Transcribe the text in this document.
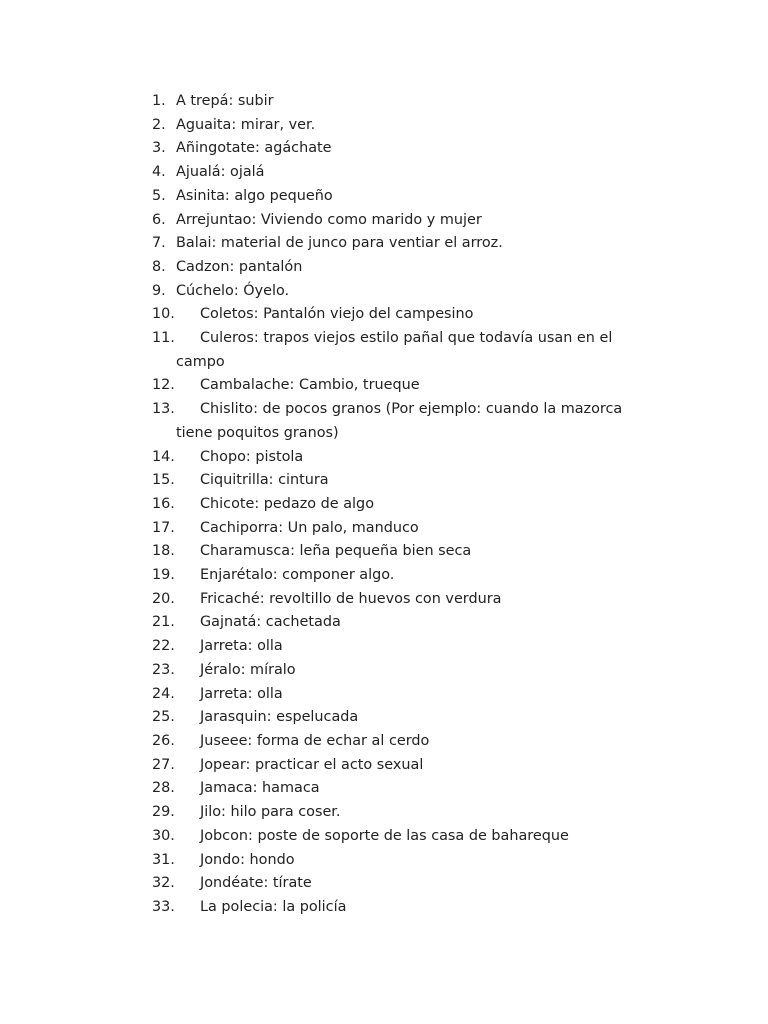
1. A trepá: subir
2. Aguaita: mirar, ver.
3. Añingotate: agáchate
4. Ajualá: ojalá
5. Asinita: algo pequeño
6. Arrejuntao: Viviendo como marido y mujer
7. Balai: material de junco para ventiar el arroz.
8. Cadzon: pantalón
9. Cúchelo: Óyelo.
10. Coletos: Pantalón viejo del campesino
11. Culeros: trapos viejos estilo pañal que todavía usan en el campo
12. Cambalache: Cambio, trueque
13. Chislito: de pocos granos (Por ejemplo: cuando la mazorca tiene poquitos granos)
14. Chopo: pistola
15. Ciquitrilla: cintura
16. Chicote: pedazo de algo
17. Cachiporra: Un palo, manduco
18. Charamusca: leña pequeña bien seca
19. Enjarétalo: componer algo.
20. Fricaché: revoltillo de huevos con verdura
21. Gajnatá: cachetada
22. Jarreta: olla
23. Jéralo: míralo
24. Jarreta: olla
25. Jarasquin: espelucada
26. Juseee: forma de echar al cerdo
27. Jopear: practicar el acto sexual
28. Jamaca: hamaca
29. Jilo: hilo para coser.
30. Jobcon: poste de soporte de las casa de bahareque
31. Jondo: hondo
32. Jondéate: tírate
33. La polecia: la policía
